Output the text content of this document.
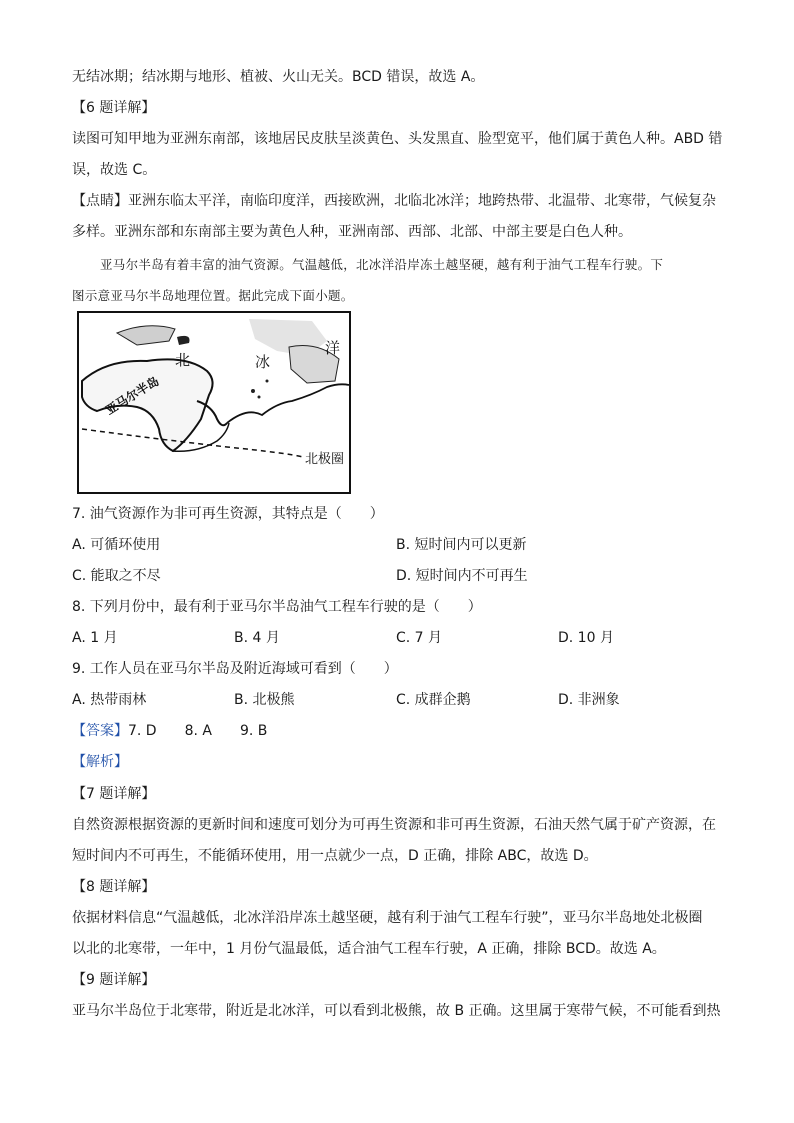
无结冰期；结冰期与地形、植被、火山无关。BCD 错误，故选 A。
【6 题详解】
读图可知甲地为亚洲东南部，该地居民皮肤呈淡黄色、头发黑直、脸型宽平，他们属于黄色人种。ABD 错
误，故选 C。
【点睛】亚洲东临太平洋，南临印度洋，西接欧洲，北临北冰洋；地跨热带、北温带、北寒带，气候复杂
多样。亚洲东部和东南部主要为黄色人种，亚洲南部、西部、北部、中部主要是白色人种。
亚马尔半岛有着丰富的油气资源。气温越低，北冰洋沿岸冻土越坚硬，越有利于油气工程车行驶。下
图示意亚马尔半岛地理位置。据此完成下面小题。
北	冰
洋
亚马尔半岛
北极圈
7. 油气资源作为非可再生资源，其特点是（　　）
A. 可循环使用	B. 短时间内可以更新
C. 能取之不尽	D. 短时间内不可再生
8. 下列月份中，最有利于亚马尔半岛油气工程车行驶的是（　　）
A. 1 月	B. 4 月	C. 7 月	D. 10 月
9. 工作人员在亚马尔半岛及附近海域可看到（　　）
A. 热带雨林	B. 北极熊	C. 成群企鹅	D. 非洲象
【答案】7. D　　8. A　　9. B
【解析】
【7 题详解】
自然资源根据资源的更新时间和速度可划分为可再生资源和非可再生资源，石油天然气属于矿产资源，在
短时间内不可再生，不能循环使用，用一点就少一点，D 正确，排除 ABC，故选 D。
【8 题详解】
依据材料信息“气温越低，北冰洋沿岸冻土越坚硬，越有利于油气工程车行驶”，亚马尔半岛地处北极圈
以北的北寒带，一年中，1 月份气温最低，适合油气工程车行驶，A 正确，排除 BCD。故选 A。
【9 题详解】
亚马尔半岛位于北寒带，附近是北冰洋，可以看到北极熊，故 B 正确。这里属于寒带气候，不可能看到热
